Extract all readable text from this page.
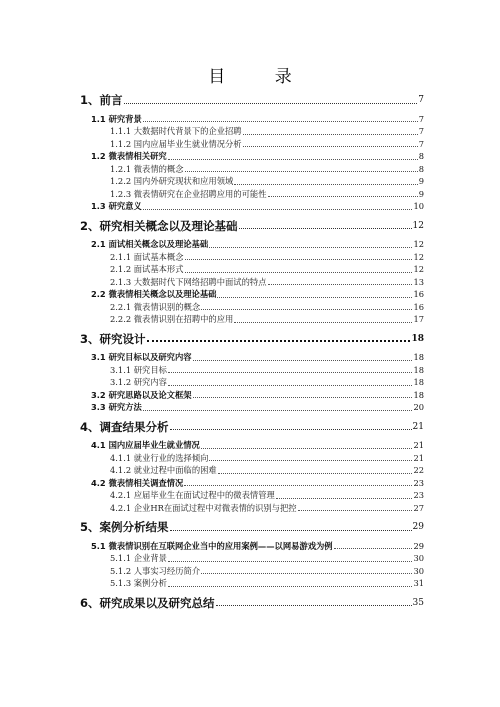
目 录
1、前言	7
1.1 研究背景	7
1.1.1 大数据时代背景下的企业招聘	7
1.1.2 国内应届毕业生就业情况分析	7
1.2 微表情相关研究	8
1.2.1 微表情的概念	8
1.2.2 国内外研究现状和应用领域	9
1.2.3 微表情研究在企业招聘应用的可能性	9
1.3 研究意义	10
2、研究相关概念以及理论基础	12
2.1 面试相关概念以及理论基础	12
2.1.1 面试基本概念	12
2.1.2 面试基本形式	12
2.1.3 大数据时代下网络招聘中面试的特点	13
2.2 微表情相关概念以及理论基础	16
2.2.1 微表情识别的概念	16
2.2.2 微表情识别在招聘中的应用	17
3、研究设计	18
3.1 研究目标以及研究内容	18
3.1.1 研究目标	18
3.1.2 研究内容	18
3.2 研究思路以及论文框架	18
3.3 研究方法	20
4、调查结果分析	21
4.1 国内应届毕业生就业情况	21
4.1.1 就业行业的选择倾向	21
4.1.2 就业过程中面临的困难	22
4.2 微表情相关调查情况	23
4.2.1 应届毕业生在面试过程中的微表情管理	23
4.2.1 企业HR在面试过程中对微表情的识别与把控	27
5、案例分析结果	29
5.1 微表情识别在互联网企业当中的应用案例——以网易游戏为例	29
5.1.1 企业背景	30
5.1.2 人事实习经历简介	30
5.1.3 案例分析	31
6、研究成果以及研究总结	35
